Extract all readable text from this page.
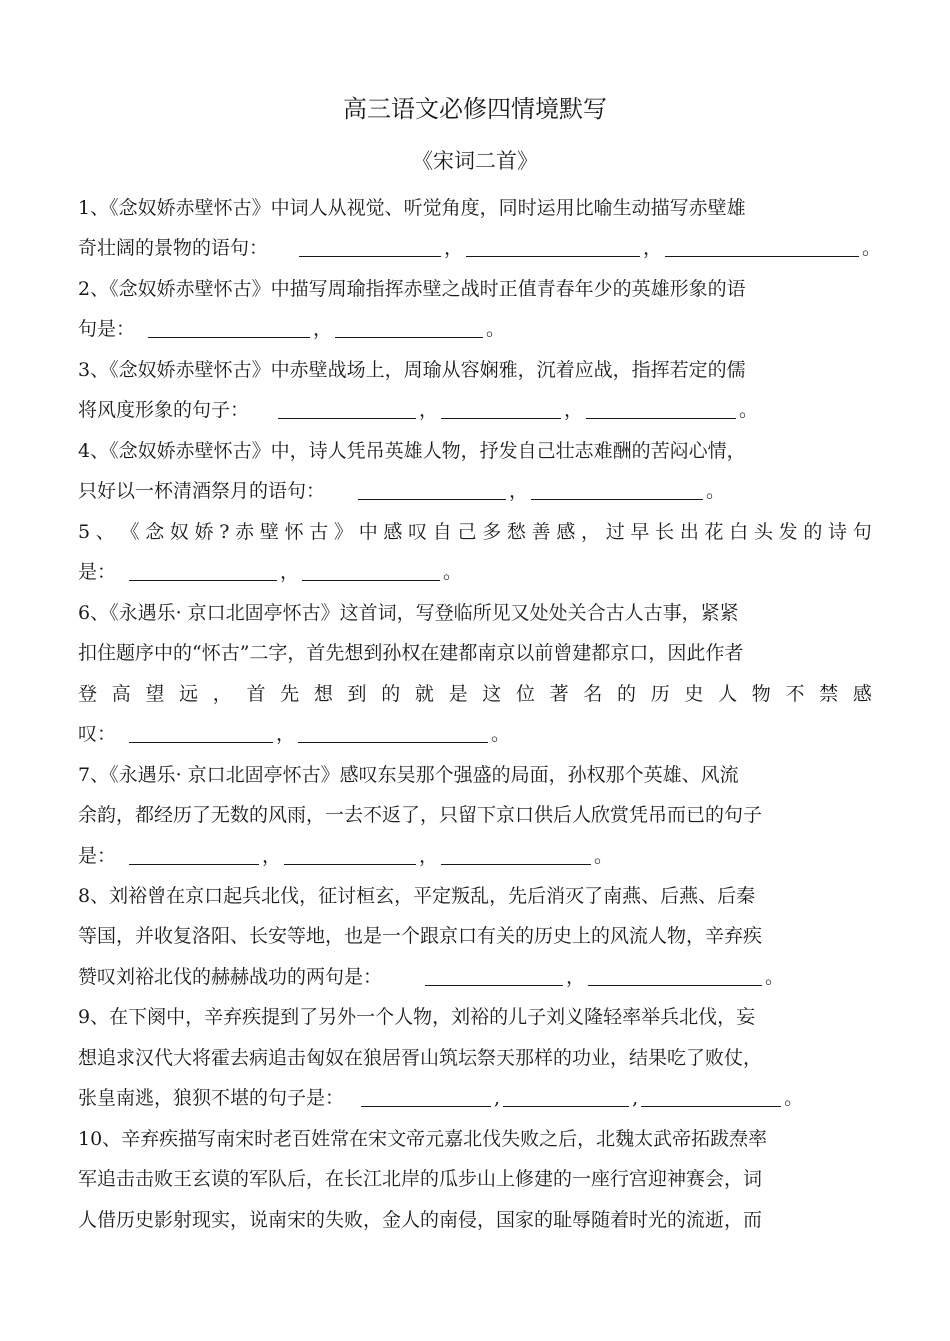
高三语文必修四情境默写
《宋词二首》
1、《念奴娇赤壁怀古》中词人从视觉、听觉角度，同时运用比喻生动描写赤壁雄
奇壮阔的景物的语句：	，	，	。
2、《念奴娇赤壁怀古》中描写周瑜指挥赤壁之战时正值青春年少的英雄形象的语
句是：	，	。
3、《念奴娇赤壁怀古》中赤壁战场上，周瑜从容娴雅，沉着应战，指挥若定的儒
将风度形象的句子：	，	，	。
4、《念奴娇赤壁怀古》中，诗人凭吊英雄人物，抒发自己壮志难酬的苦闷心情，
只好以一杯清酒祭月的语句：	，	。
5 、 《 念 奴 娇 ? 赤 壁 怀 古 》 中 感 叹 自 己 多 愁 善 感 ， 过 早 长 出 花 白 头 发 的 诗 句
是：	，	。
6、《永遇乐· 京口北固亭怀古》这首词，写登临所见又处处关合古人古事，紧紧
扣住题序中的“怀古”二字，首先想到孙权在建都南京以前曾建都京口，因此作者
登 高 望 远 ， 首 先 想 到 的 就 是 这 位 著 名 的 历 史 人 物 不 禁 感
叹：	，	。
7、《永遇乐· 京口北固亭怀古》感叹东吴那个强盛的局面，孙权那个英雄、风流
余韵，都经历了无数的风雨，一去不返了，只留下京口供后人欣赏凭吊而已的句子
是：	，	，	。
8、刘裕曾在京口起兵北伐，征讨桓玄，平定叛乱，先后消灭了南燕、后燕、后秦
等国，并收复洛阳、长安等地，也是一个跟京口有关的历史上的风流人物，辛弃疾
赞叹刘裕北伐的赫赫战功的两句是：	，	。
9、在下阕中，辛弃疾提到了另外一个人物，刘裕的儿子刘义隆轻率举兵北伐，妄
想追求汉代大将霍去病追击匈奴在狼居胥山筑坛祭天那样的功业，结果吃了败仗，
张皇南逃，狼狈不堪的句子是：	,	,	。
10、辛弃疾描写南宋时老百姓常在宋文帝元嘉北伐失败之后，北魏太武帝拓跋焘率
军追击击败王玄谟的军队后，在长江北岸的瓜步山上修建的一座行宫迎神赛会，词
人借历史影射现实，说南宋的失败，金人的南侵，国家的耻辱随着时光的流逝，而
